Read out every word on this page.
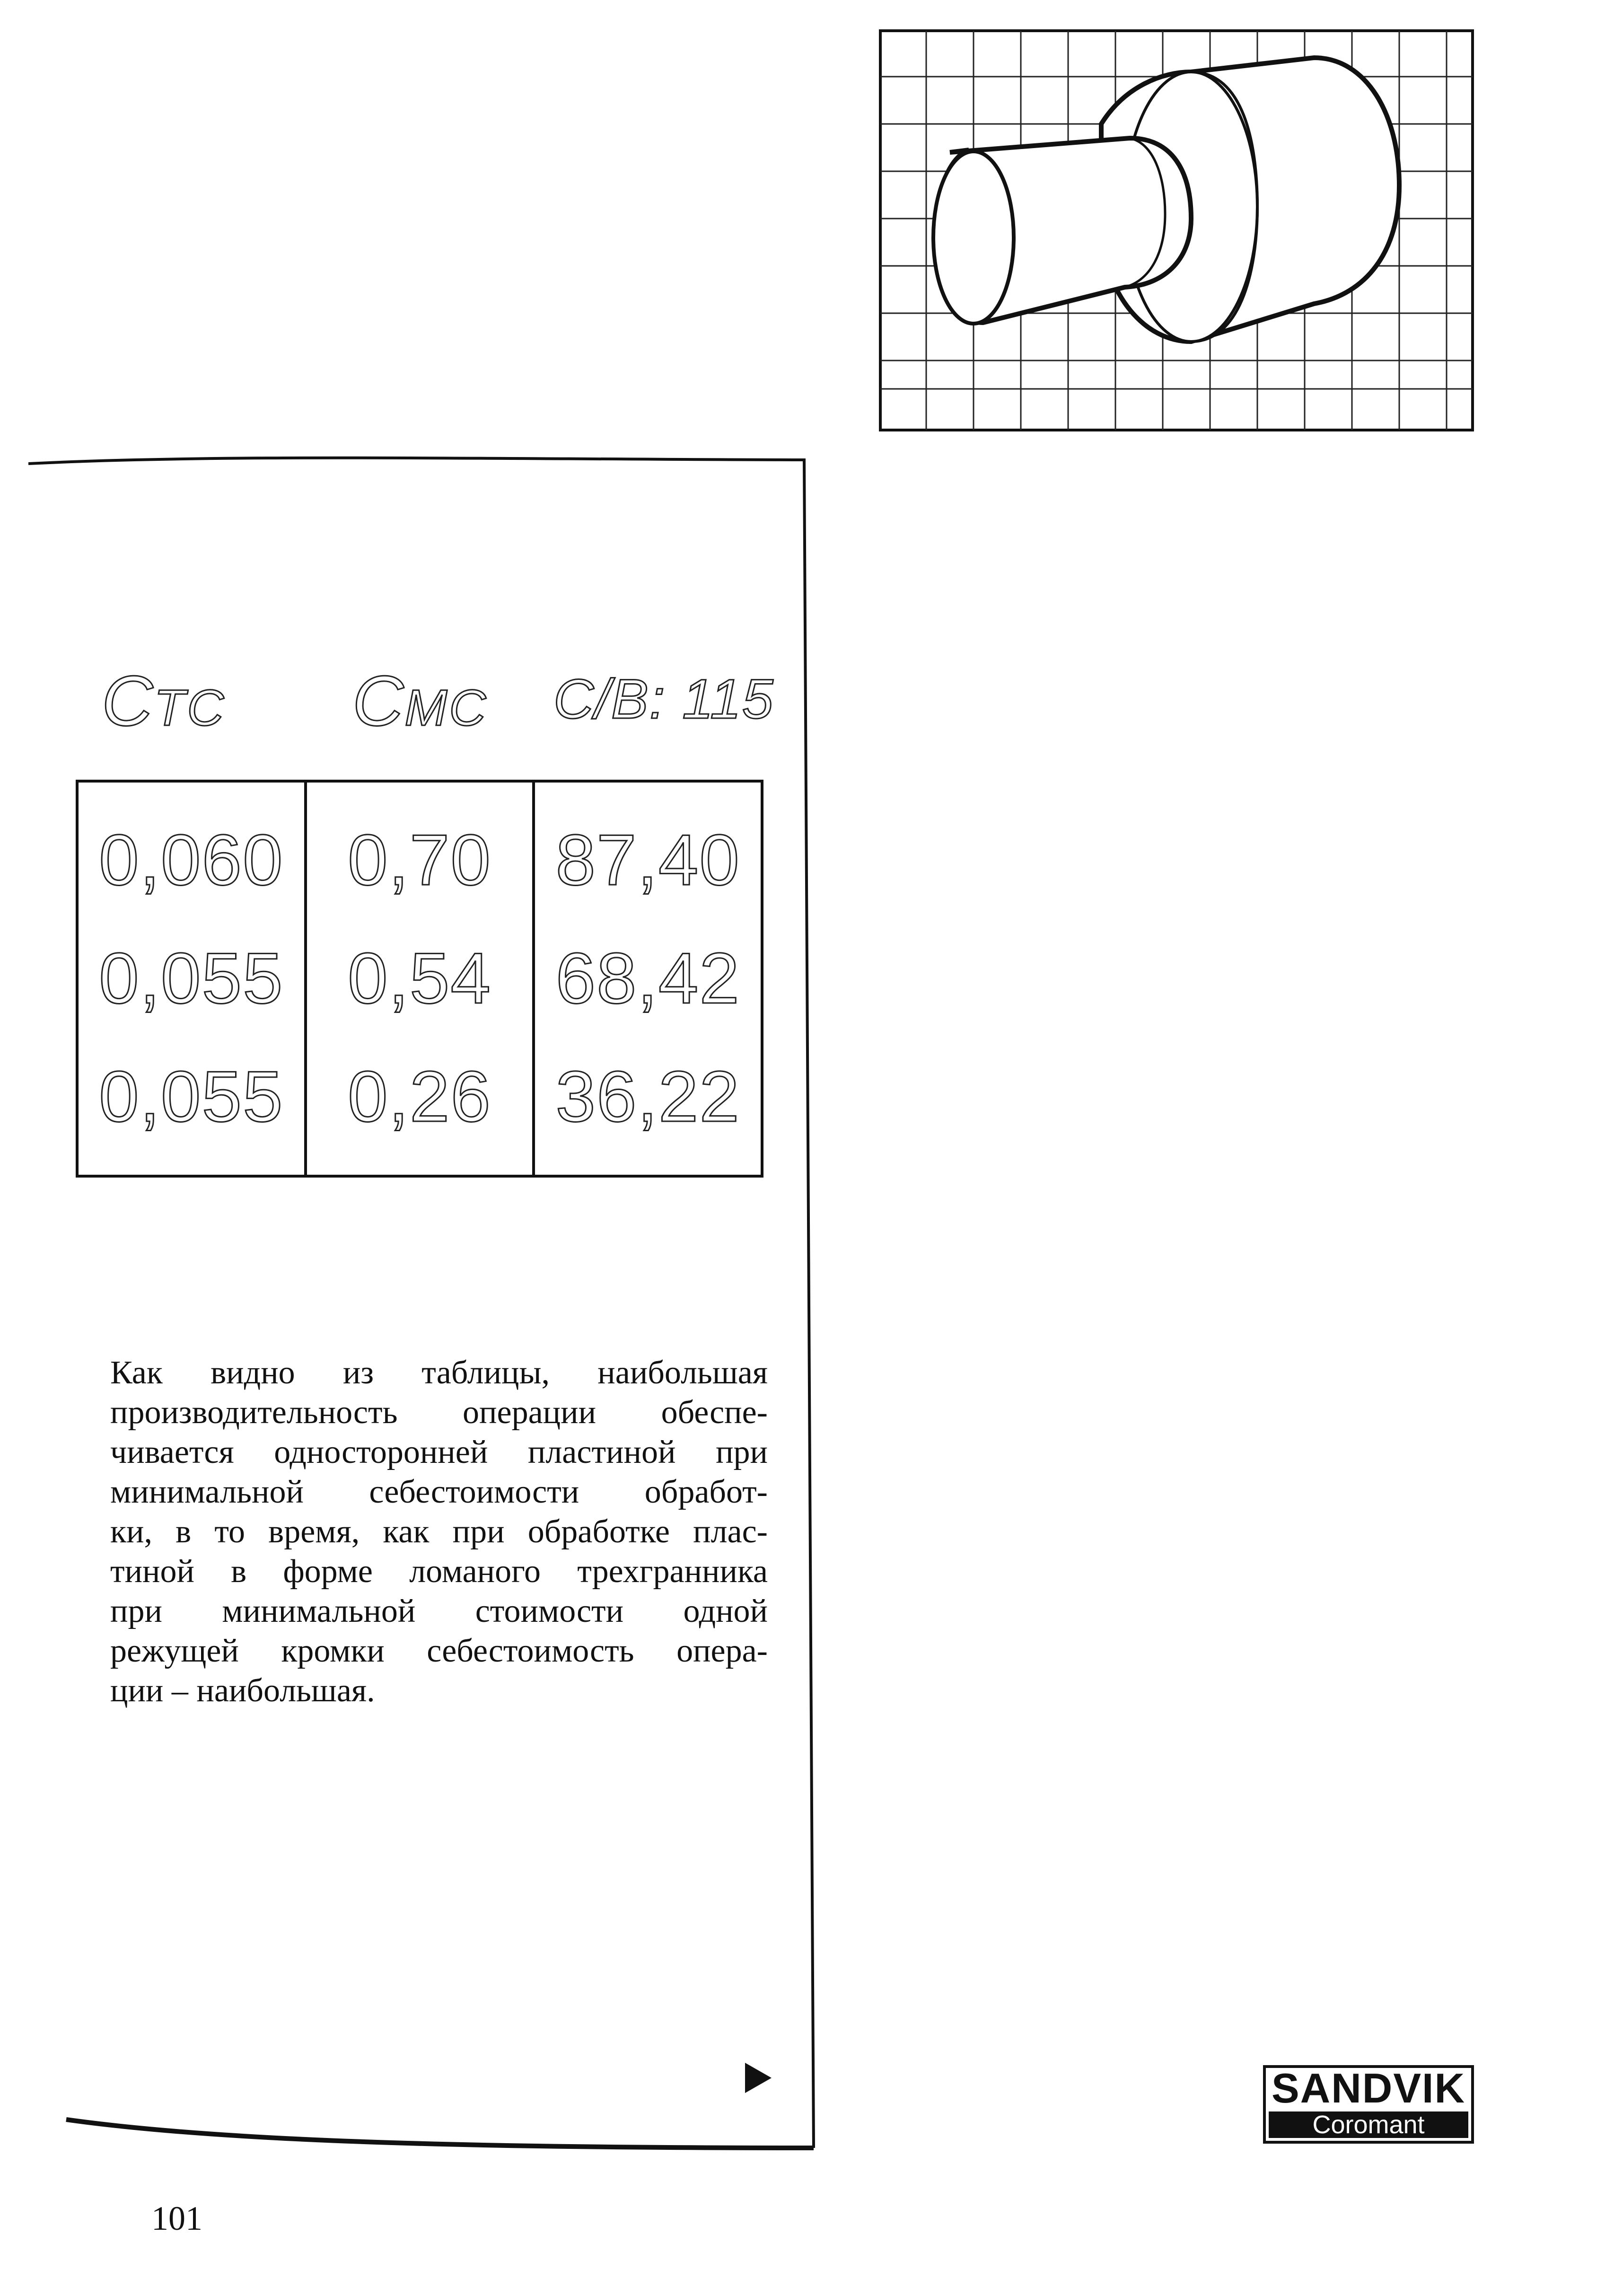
CTC CMC C/B: 115
0,060
0,055
0,055
0,70
0,54
0,26
87,40
68,42
36,22
Как видно из таблицы, наибольшая
производительность операции обеспе-
чивается односторонней пластиной при
минимальной себестоимости обработ-
ки, в то время, как при обработке плас-
тиной в форме ломаного трехгранника
при минимальной стоимости одной
режущей кромки себестоимость опера-
ции – наибольшая.
SANDVIK
Coromant
101
